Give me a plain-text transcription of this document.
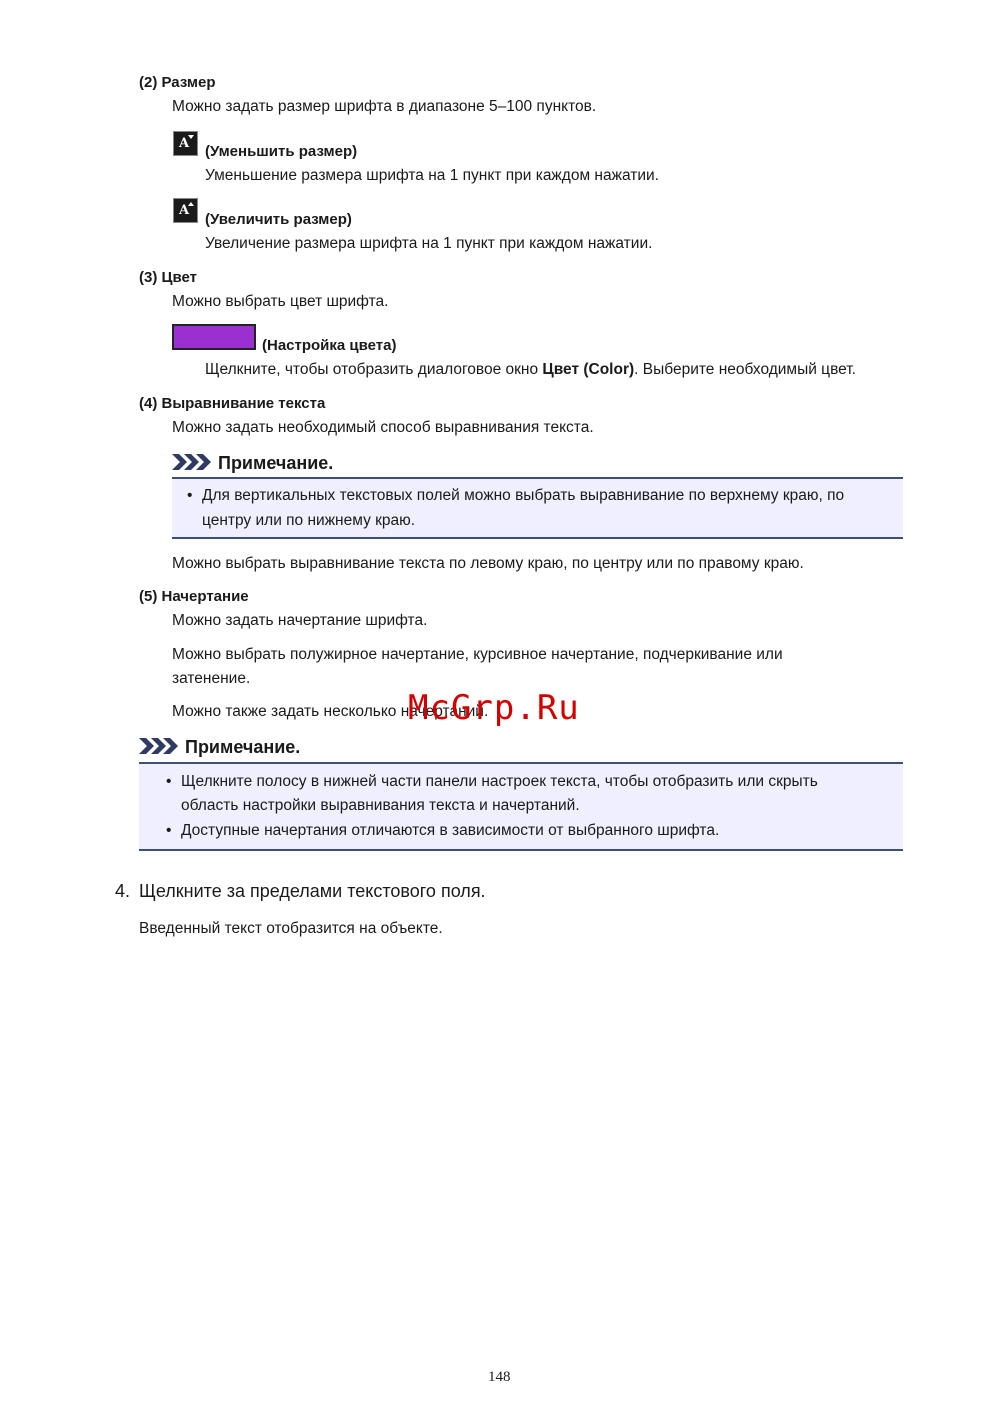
(2) Размер
Можно задать размер шрифта в диапазоне 5–100 пунктов.
A (Уменьшить размер)
Уменьшение размера шрифта на 1 пункт при каждом нажатии.
A
(Увеличить размер)
Увеличение размера шрифта на 1 пункт при каждом нажатии.
(3) Цвет
Можно выбрать цвет шрифта.
(Настройка цвета)
Щелкните, чтобы отобразить диалоговое окно Цвет (Color). Выберите необходимый цвет.
(4) Выравнивание текста
Можно задать необходимый способ выравнивания текста.
Примечание.
• Для вертикальных текстовых полей можно выбрать выравнивание по верхнему краю, по
центру или по нижнему краю.
Можно выбрать выравнивание текста по левому краю, по центру или по правому краю.
(5) Начертание
Можно задать начертание шрифта.
Можно выбрать полужирное начертание, курсивное начертание, подчеркивание или
затенение.
Можно также задать несколько начертаний.
McGrp.Ru
Примечание.
• Щелкните полосу в нижней части панели настроек текста, чтобы отобразить или скрыть
область настройки выравнивания текста и начертаний.
• Доступные начертания отличаются в зависимости от выбранного шрифта.
4. Щелкните за пределами текстового поля.
Введенный текст отобразится на объекте.
148
